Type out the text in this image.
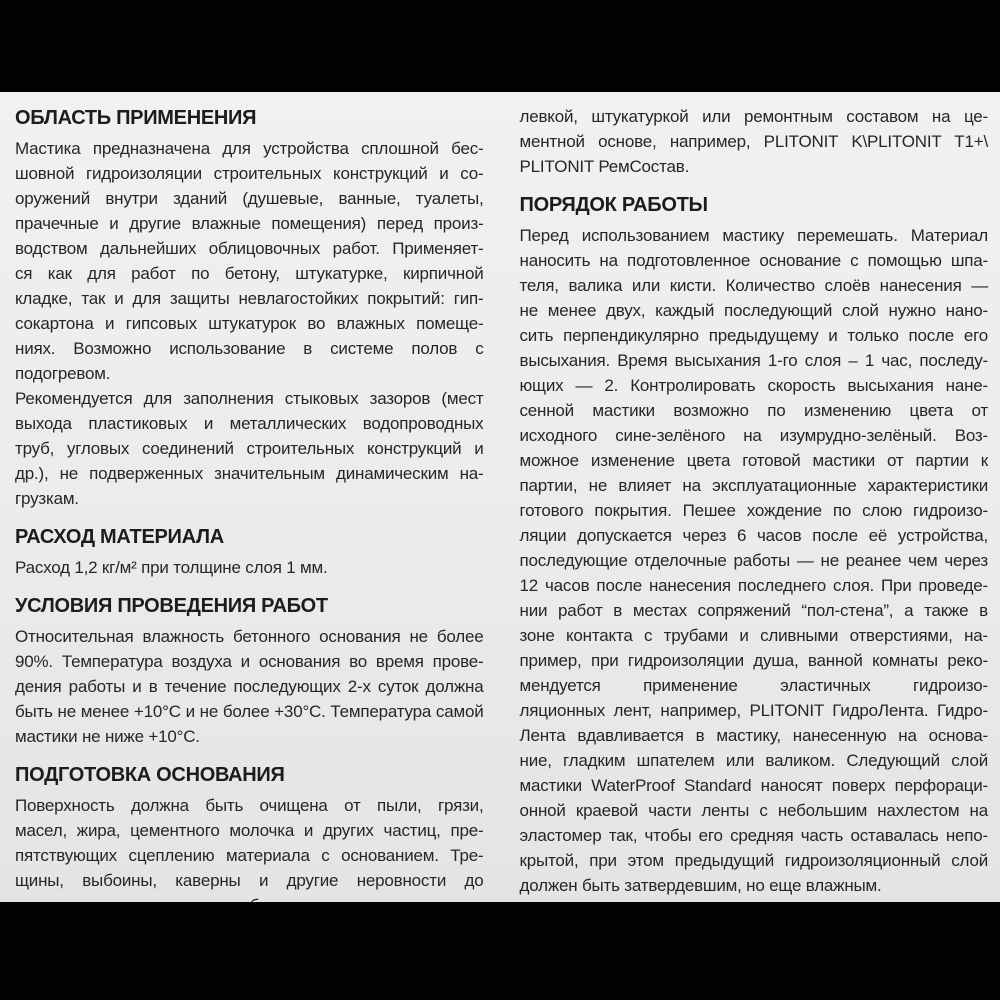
ОБЛАСТЬ ПРИМЕНЕНИЯ
Мастика предназначена для устройства сплошной бес-
шовной гидроизоляции строительных конструкций и со-
оружений внутри зданий (душевые, ванные, туалеты,
прачечные и другие влажные помещения) перед произ-
водством дальнейших облицовочных работ. Применяет-
ся как для работ по бетону, штукатурке, кирпичной
кладке, так и для защиты невлагостойких покрытий: гип-
сокартона и гипсовых штукатурок во влажных помеще-
ниях. Возможно использование в системе полов с
подогревом.
Рекомендуется для заполнения стыковых зазоров (мест
выхода пластиковых и металлических водопроводных
труб, угловых соединений строительных конструкций и
др.), не подверженных значительным динамическим на-
грузкам.
РАСХОД МАТЕРИАЛА
Расход 1,2 кг/м² при толщине слоя 1 мм.
УСЛОВИЯ ПРОВЕДЕНИЯ РАБОТ
Относительная влажность бетонного основания не более
90%. Температура воздуха и основания во время прове-
дения работы и в течение последующих 2-х суток должна
быть не менее +10°С и не более +30°С. Температура самой
мастики не ниже +10°С.
ПОДГОТОВКА ОСНОВАНИЯ
Поверхность должна быть очищена от пыли, грязи,
масел, жира, цементного молочка и других частиц, пре-
пятствующих сцеплению материала с основанием. Тре-
щины, выбоины, каверны и другие неровности до
левкой, штукатуркой или ремонтным составом на це-
ментной основе, например, PLITONIT K\PLITONIT T1+\
PLITONIT РемСостав.
ПОРЯДОК РАБОТЫ
Перед использованием мастику перемешать. Материал
наносить на подготовленное основание с помощью шпа-
теля, валика или кисти. Количество слоёв нанесения —
не менее двух, каждый последующий слой нужно нано-
сить перпендикулярно предыдущему и только после его
высыхания. Время высыхания 1-го слоя – 1 час, последу-
ющих — 2. Контролировать скорость высыхания нане-
сенной мастики возможно по изменению цвета от
исходного сине-зелёного на изумрудно-зелёный. Воз-
можное изменение цвета готовой мастики от партии к
партии, не влияет на эксплуатационные характеристики
готового покрытия. Пешее хождение по слою гидроизо-
ляции допускается через 6 часов после её устройства,
последующие отделочные работы — не реанее чем через
12 часов после нанесения последнего слоя. При проведе-
нии работ в местах сопряжений “пол-стена”, а также в
зоне контакта с трубами и сливными отверстиями, на-
пример, при гидроизоляции душа, ванной комнаты реко-
мендуется применение эластичных гидроизо-
ляционных лент, например, PLITONIT ГидроЛента. Гидро-
Лента вдавливается в мастику, нанесенную на основа-
ние, гладким шпателем или валиком. Следующий слой
мастики WaterProof Standard наносят поверх перфораци-
онной краевой части ленты с небольшим нахлестом на
эластомер так, чтобы его средняя часть оставалась непо-
крытой, при этом предыдущий гидроизоляционный слой
должен быть затвердевшим, но еще влажным.
